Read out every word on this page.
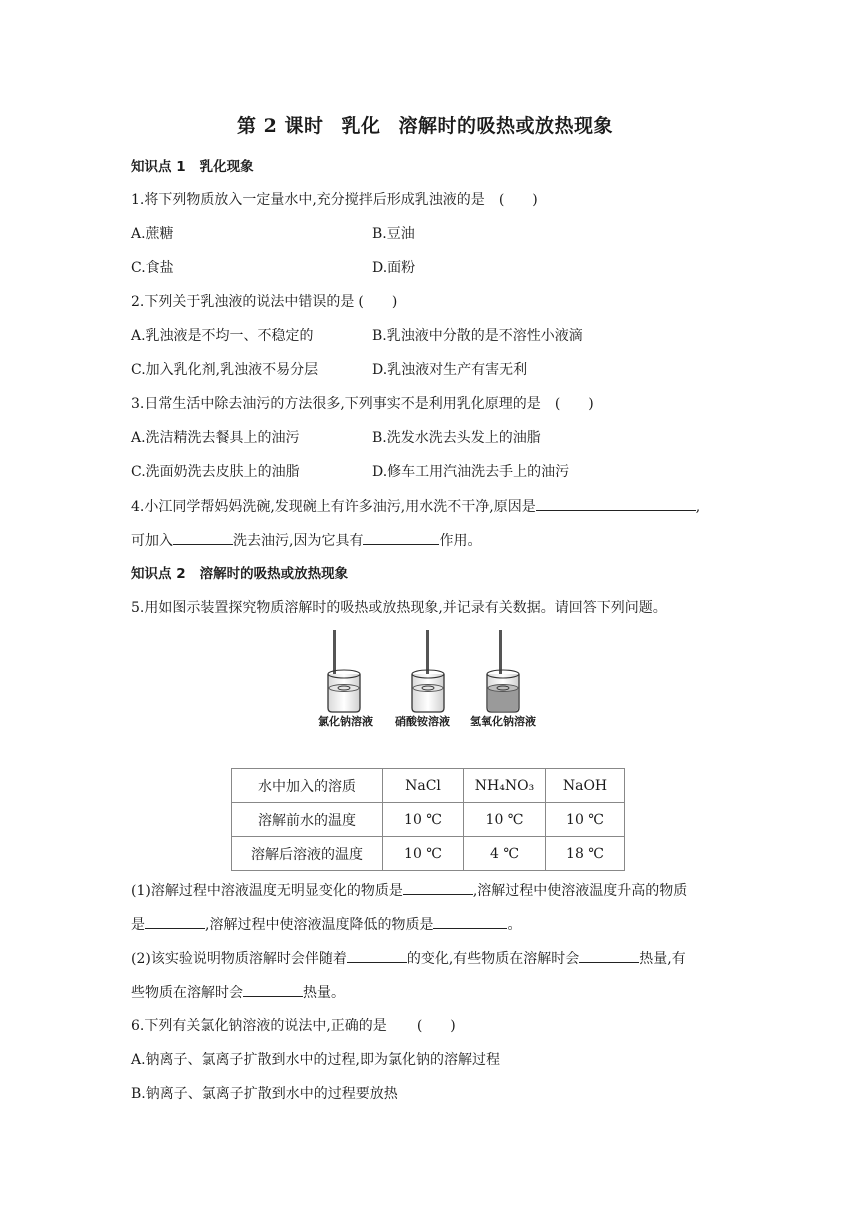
第 2 课时 乳化 溶解时的吸热或放热现象
知识点 1 乳化现象
1.将下列物质放入一定量水中,充分搅拌后形成乳浊液的是 (　　)
A.蔗糖	B.豆油
C.食盐	D.面粉
2.下列关于乳浊液的说法中错误的是 (　　)
A.乳浊液是不均一、不稳定的	B.乳浊液中分散的是不溶性小液滴
C.加入乳化剂,乳浊液不易分层	D.乳浊液对生产有害无利
3.日常生活中除去油污的方法很多,下列事实不是利用乳化原理的是 (　　)
A.洗洁精洗去餐具上的油污	B.洗发水洗去头发上的油脂
C.洗面奶洗去皮肤上的油脂	D.修车工用汽油洗去手上的油污
4.小江同学帮妈妈洗碗,发现碗上有许多油污,用水洗不干净,原因是	,
可加入	洗去油污,因为它具有	作用。
知识点 2 溶解时的吸热或放热现象
5.用如图示装置探究物质溶解时的吸热或放热现象,并记录有关数据。请回答下列问题。
氯化钠溶液 硝酸铵溶液 氢氧化钠溶液
水中加入的溶质	NaCl	NH₄NO₃	NaOH
溶解前水的温度	10 ℃	10 ℃	10 ℃
溶解后溶液的温度	10 ℃	4 ℃	18 ℃
(1)溶解过程中溶液温度无明显变化的物质是	,溶解过程中使溶液温度升高的物质
是	,溶解过程中使溶液温度降低的物质是	。
(2)该实验说明物质溶解时会伴随着	的变化,有些物质在溶解时会	热量,有
些物质在溶解时会	热量。
6.下列有关氯化钠溶液的说法中,正确的是 (　　)
A.钠离子、氯离子扩散到水中的过程,即为氯化钠的溶解过程
B.钠离子、氯离子扩散到水中的过程要放热
